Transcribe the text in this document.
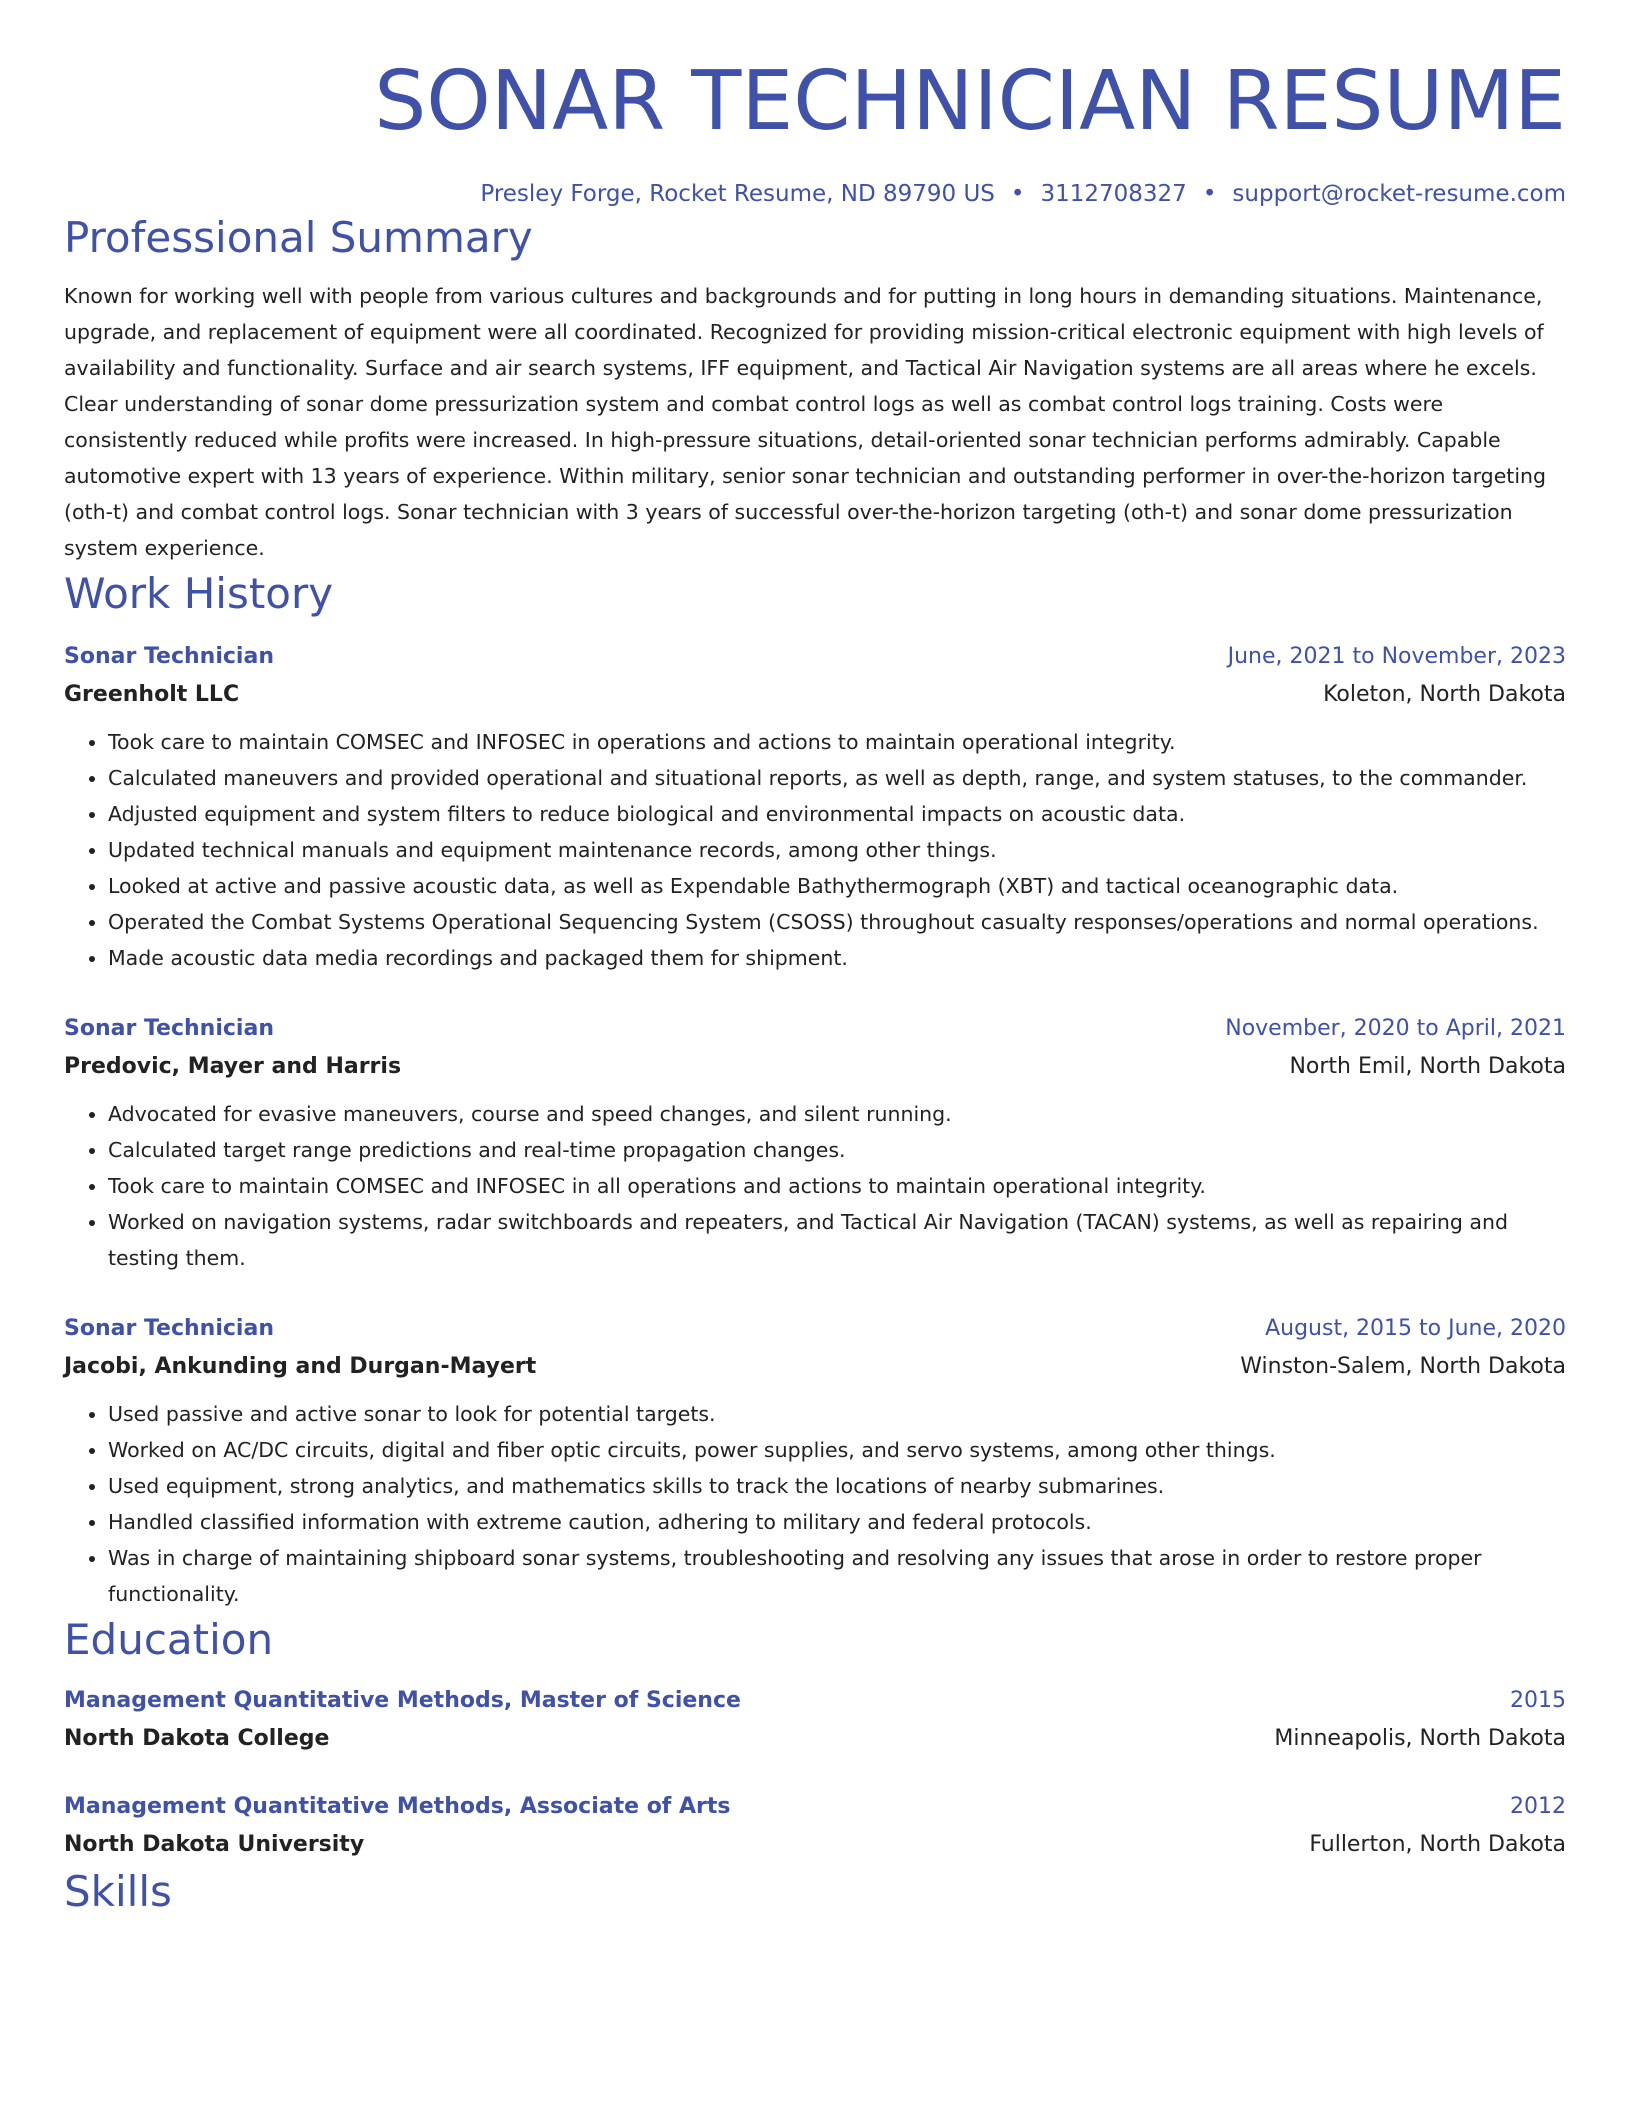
SONAR TECHNICIAN RESUME
Presley Forge, Rocket Resume, ND 89790 US • 3112708327 • support@rocket-resume.com
Professional Summary

Known for working well with people from various cultures and backgrounds and for putting in long hours in demanding situations. Maintenance, upgrade, and replacement of equipment were all coordinated. Recognized for providing mission-critical electronic equipment with high levels of availability and functionality. Surface and air search systems, IFF equipment, and Tactical Air Navigation systems are all areas where he excels. Clear understanding of sonar dome pressurization system and combat control logs as well as combat control logs training. Costs were consistently reduced while profits were increased. In high-pressure situations, detail-oriented sonar technician performs admirably. Capable automotive expert with 13 years of experience. Within military, senior sonar technician and outstanding performer in over-the-horizon targeting (oth-t) and combat control logs. Sonar technician with 3 years of successful over-the-horizon targeting (oth-t) and sonar dome pressurization system experience.

Work History
Sonar Technician	June, 2021 to November, 2023
Greenholt LLC	Koleton, North Dakota
• Took care to maintain COMSEC and INFOSEC in operations and actions to maintain operational integrity.
• Calculated maneuvers and provided operational and situational reports, as well as depth, range, and system statuses, to the commander.
• Adjusted equipment and system filters to reduce biological and environmental impacts on acoustic data.
• Updated technical manuals and equipment maintenance records, among other things.
• Looked at active and passive acoustic data, as well as Expendable Bathythermograph (XBT) and tactical oceanographic data.
• Operated the Combat Systems Operational Sequencing System (CSOSS) throughout casualty responses/operations and normal operations.
• Made acoustic data media recordings and packaged them for shipment.
Sonar Technician	November, 2020 to April, 2021
Predovic, Mayer and Harris	North Emil, North Dakota
• Advocated for evasive maneuvers, course and speed changes, and silent running.
• Calculated target range predictions and real-time propagation changes.
• Took care to maintain COMSEC and INFOSEC in all operations and actions to maintain operational integrity.
• Worked on navigation systems, radar switchboards and repeaters, and Tactical Air Navigation (TACAN) systems, as well as repairing and testing them.
Sonar Technician	August, 2015 to June, 2020
Jacobi, Ankunding and Durgan-Mayert	Winston-Salem, North Dakota
• Used passive and active sonar to look for potential targets.
• Worked on AC/DC circuits, digital and fiber optic circuits, power supplies, and servo systems, among other things.
• Used equipment, strong analytics, and mathematics skills to track the locations of nearby submarines.
• Handled classified information with extreme caution, adhering to military and federal protocols.
• Was in charge of maintaining shipboard sonar systems, troubleshooting and resolving any issues that arose in order to restore proper functionality.
Education
Management Quantitative Methods, Master of Science	2015
North Dakota College	Minneapolis, North Dakota
Management Quantitative Methods, Associate of Arts	2012
North Dakota University	Fullerton, North Dakota
Skills
